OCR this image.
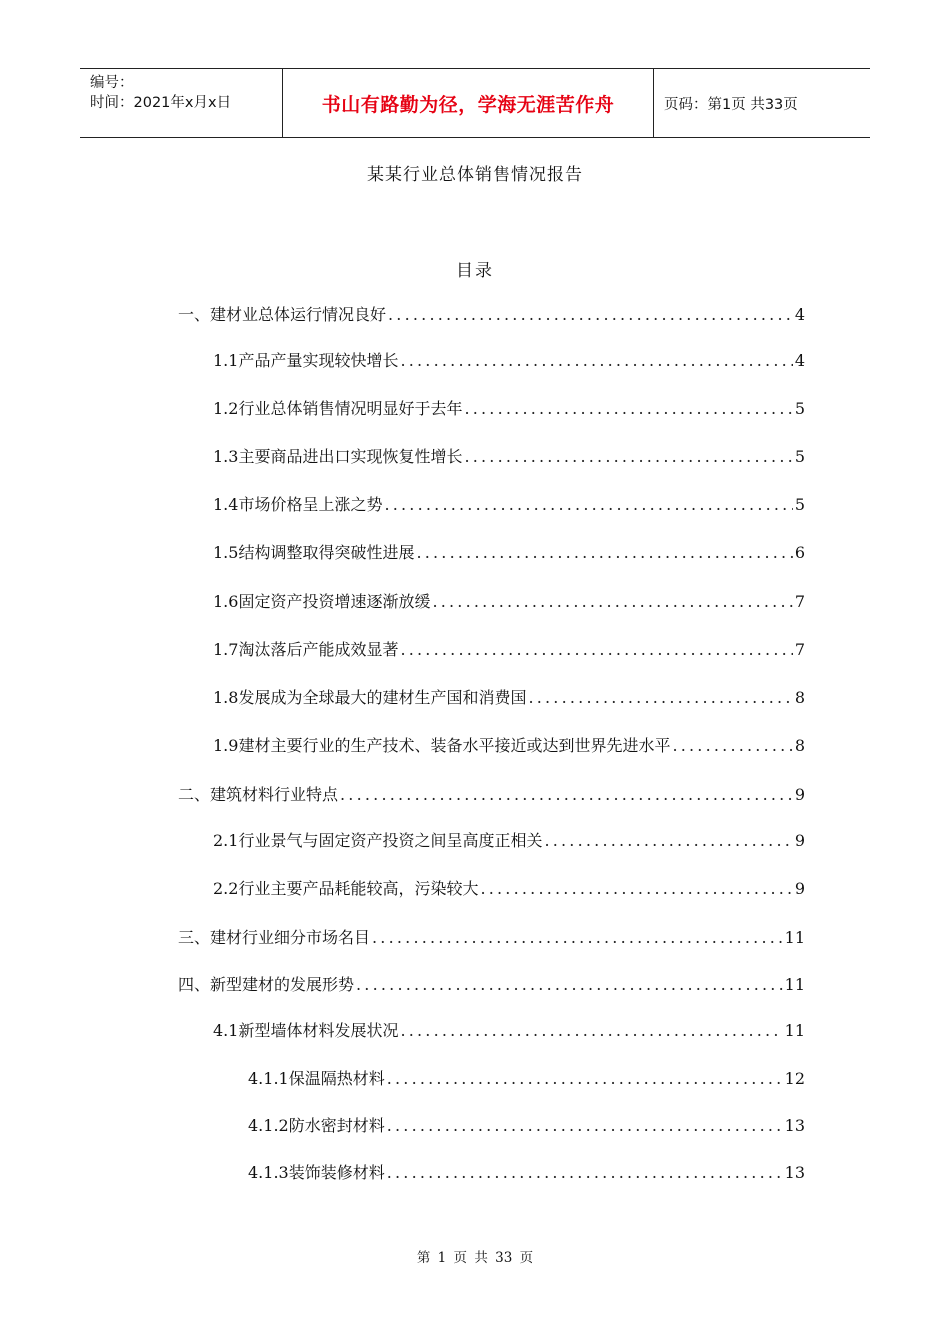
编号：
时间：2021年x月x日	书山有路勤为径，学海无涯苦作舟	页码：第1页 共33页
某某行业总体销售情况报告
目录
一、建材业总体运行情况良好 .....	4
1.1产品产量实现较快增长 .....	4
1.2行业总体销售情况明显好于去年 .....	5
1.3主要商品进出口实现恢复性增长 .....	5
1.4市场价格呈上涨之势 .....	5
1.5结构调整取得突破性进展 .....	6
1.6固定资产投资增速逐渐放缓 .....	7
1.7淘汰落后产能成效显著 .....	7
1.8发展成为全球最大的建材生产国和消费国 .....	8
1.9建材主要行业的生产技术、装备水平接近或达到世界先进水平 .....	8
二、建筑材料行业特点 .....	9
2.1行业景气与固定资产投资之间呈高度正相关 .....	9
2.2行业主要产品耗能较高，污染较大 .....	9
三、建材行业细分市场名目 .....	11
四、新型建材的发展形势 .....	11
4.1新型墙体材料发展状况 .....	11
4.1.1保温隔热材料 .....	12
4.1.2防水密封材料 .....	13
4.1.3装饰装修材料 .....	13
第 1 页 共 33 页
